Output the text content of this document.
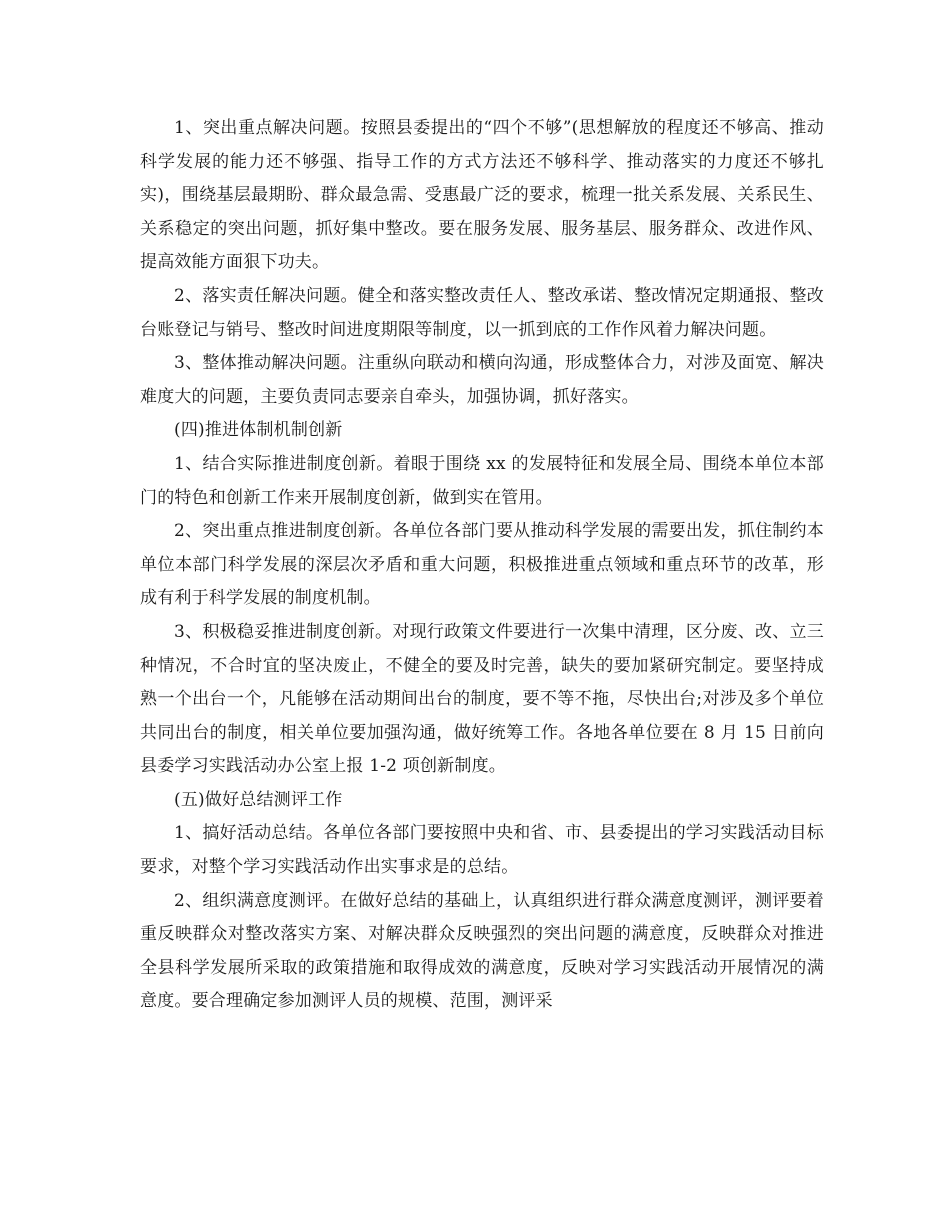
1、突出重点解决问题。按照县委提出的“四个不够”(思想解放的程度还不够高、推动科学发展的能力还不够强、指导工作的方式方法还不够科学、推动落实的力度还不够扎实)，围绕基层最期盼、群众最急需、受惠最广泛的要求，梳理一批关系发展、关系民生、关系稳定的突出问题，抓好集中整改。要在服务发展、服务基层、服务群众、改进作风、提高效能方面狠下功夫。

2、落实责任解决问题。健全和落实整改责任人、整改承诺、整改情况定期通报、整改台账登记与销号、整改时间进度期限等制度，以一抓到底的工作作风着力解决问题。

3、整体推动解决问题。注重纵向联动和横向沟通，形成整体合力，对涉及面宽、解决难度大的问题，主要负责同志要亲自牵头，加强协调，抓好落实。

(四)推进体制机制创新

1、结合实际推进制度创新。着眼于围绕 xx 的发展特征和发展全局、围绕本单位本部门的特色和创新工作来开展制度创新，做到实在管用。

2、突出重点推进制度创新。各单位各部门要从推动科学发展的需要出发，抓住制约本单位本部门科学发展的深层次矛盾和重大问题，积极推进重点领域和重点环节的改革，形成有利于科学发展的制度机制。

3、积极稳妥推进制度创新。对现行政策文件要进行一次集中清理，区分废、改、立三种情况，不合时宜的坚决废止，不健全的要及时完善，缺失的要加紧研究制定。要坚持成熟一个出台一个，凡能够在活动期间出台的制度，要不等不拖，尽快出台;对涉及多个单位共同出台的制度，相关单位要加强沟通，做好统筹工作。各地各单位要在 8 月 15 日前向县委学习实践活动办公室上报 1-2 项创新制度。

(五)做好总结测评工作

1、搞好活动总结。各单位各部门要按照中央和省、市、县委提出的学习实践活动目标要求，对整个学习实践活动作出实事求是的总结。

2、组织满意度测评。在做好总结的基础上，认真组织进行群众满意度测评，测评要着重反映群众对整改落实方案、对解决群众反映强烈的突出问题的满意度，反映群众对推进全县科学发展所采取的政策措施和取得成效的满意度，反映对学习实践活动开展情况的满意度。要合理确定参加测评人员的规模、范围，测评采
